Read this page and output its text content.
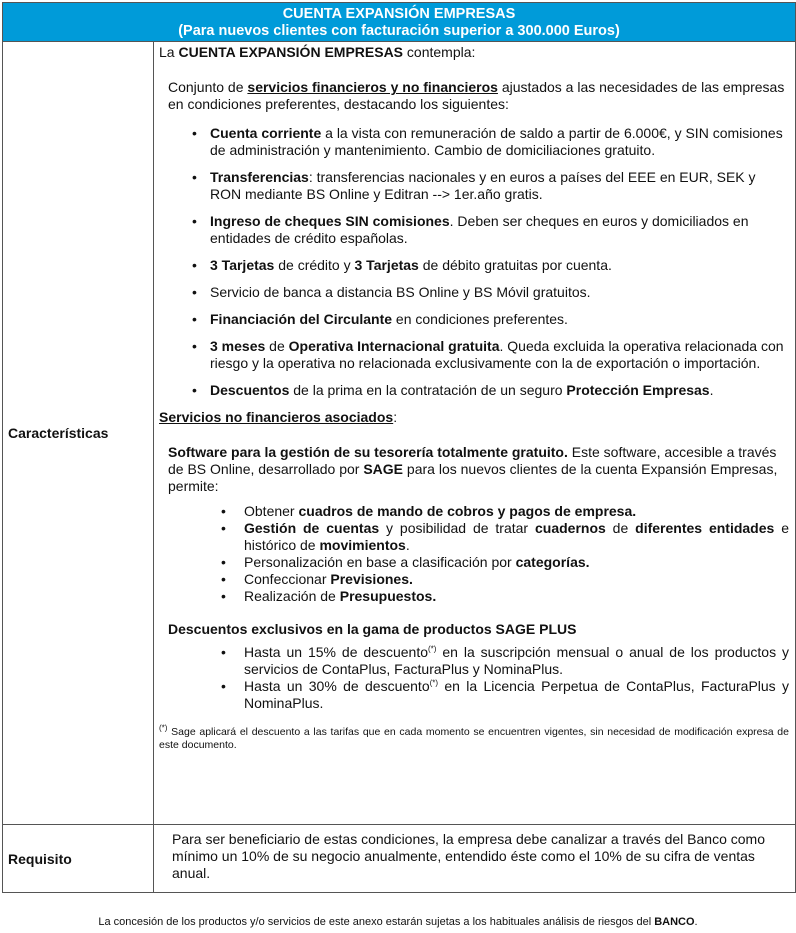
CUENTA EXPANSIÓN EMPRESAS
(Para nuevos clientes con facturación superior a 300.000 Euros)
Características

La CUENTA EXPANSIÓN EMPRESAS contempla:

Conjunto de servicios financieros y no financieros ajustados a las necesidades de las empresas en condiciones preferentes, destacando los siguientes:

• Cuenta corriente a la vista con remuneración de saldo a partir de 6.000€, y SIN comisiones de administración y mantenimiento. Cambio de domiciliaciones gratuito.
• Transferencias: transferencias nacionales y en euros a países del EEE en EUR, SEK y RON mediante BS Online y Editran --> 1er.año gratis.
• Ingreso de cheques SIN comisiones. Deben ser cheques en euros y domiciliados en entidades de crédito españolas.
• 3 Tarjetas de crédito y 3 Tarjetas de débito gratuitas por cuenta.
• Servicio de banca a distancia BS Online y BS Móvil gratuitos.
• Financiación del Circulante en condiciones preferentes.
• 3 meses de Operativa Internacional gratuita. Queda excluida la operativa relacionada con riesgo y la operativa no relacionada exclusivamente con la de exportación o importación.
• Descuentos de la prima en la contratación de un seguro Protección Empresas.

Servicios no financieros asociados:

Software para la gestión de su tesorería totalmente gratuito. Este software, accesible a través de BS Online, desarrollado por SAGE para los nuevos clientes de la cuenta Expansión Empresas, permite:

• Obtener cuadros de mando de cobros y pagos de empresa.
• Gestión de cuentas y posibilidad de tratar cuadernos de diferentes entidades e histórico de movimientos.
• Personalización en base a clasificación por categorías.
• Confeccionar Previsiones.
• Realización de Presupuestos.

Descuentos exclusivos en la gama de productos SAGE PLUS

• Hasta un 15% de descuento(*) en la suscripción mensual o anual de los productos y servicios de ContaPlus, FacturaPlus y NominaPlus.
• Hasta un 30% de descuento(*) en la Licencia Perpetua de ContaPlus, FacturaPlus y NominaPlus.

(*) Sage aplicará el descuento a las tarifas que en cada momento se encuentren vigentes, sin necesidad de modificación expresa de este documento.

Requisito

Para ser beneficiario de estas condiciones, la empresa debe canalizar a través del Banco como mínimo un 10% de su negocio anualmente, entendido éste como el 10% de su cifra de ventas anual.

La concesión de los productos y/o servicios de este anexo estarán sujetas a los habituales análisis de riesgos del BANCO.
